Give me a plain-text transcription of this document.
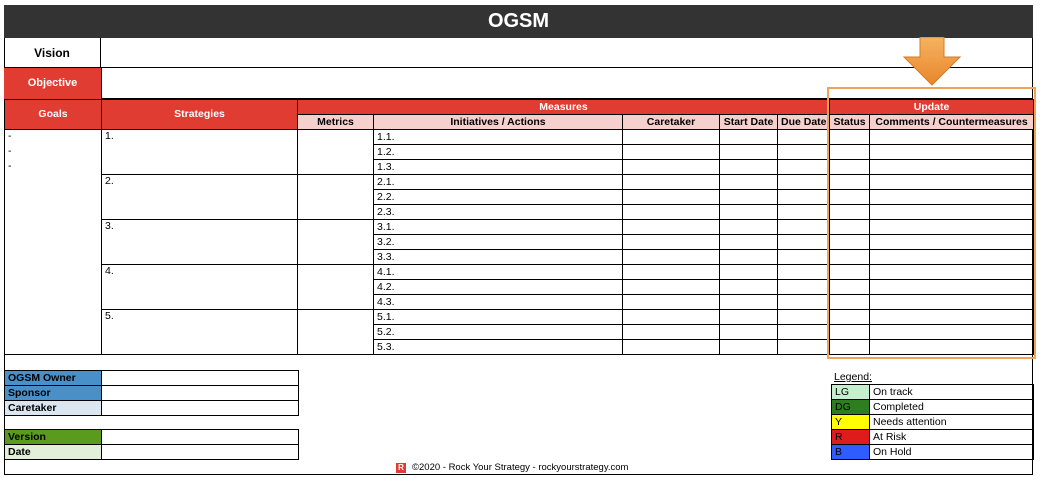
OGSM
Vision
Objective
Goals	Strategies	Measures					Update	
		Metrics	Initiatives / Actions	Caretaker	Start Date	Due Date	Status	Comments / Countermeasures

-
-
-	1.		1.1.					
			1.2.					
			1.3.					
	2.		2.1.					
			2.2.					
			2.3.					
	3.		3.1.					
			3.2.					
			3.3.					
	4.		4.1.					
			4.2.					
			4.3.					
	5.		5.1.					
			5.2.					
			5.3.					
OGSM Owner	
Sponsor	
Caretaker	
Version	
Date	
Legend:
LG	On track
DG	Completed
Y	Needs attention
R	At Risk
B	On Hold
R ©2020 - Rock Your Strategy - rockyourstrategy.com
